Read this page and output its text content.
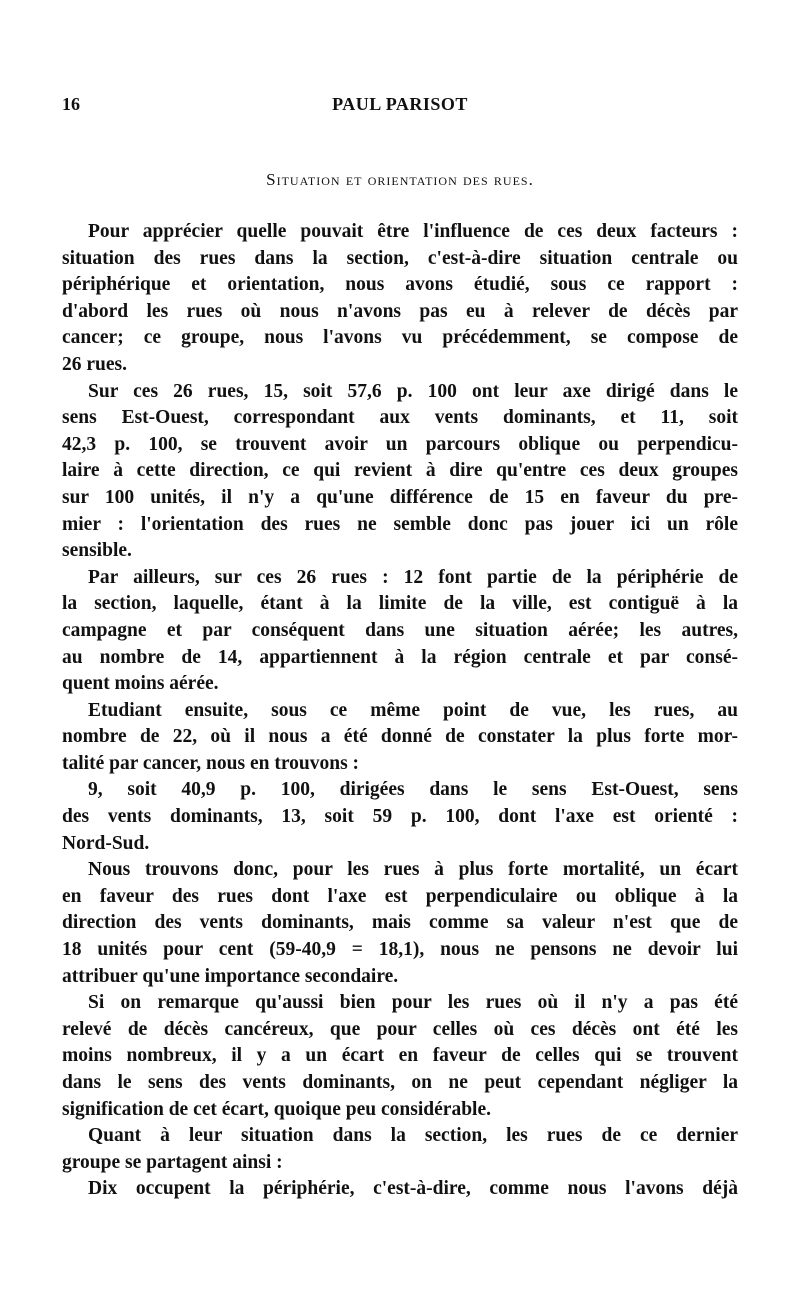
16	PAUL PARISOT
Situation et orientation des rues.
Pour apprécier quelle pouvait être l'influence de ces deux facteurs :
situation des rues dans la section, c'est-à-dire situation centrale ou
périphérique et orientation, nous avons étudié, sous ce rapport :
d'abord les rues où nous n'avons pas eu à relever de décès par
cancer; ce groupe, nous l'avons vu précédemment, se compose de
26 rues.
Sur ces 26 rues, 15, soit 57,6 p. 100 ont leur axe dirigé dans le
sens Est-Ouest, correspondant aux vents dominants, et 11, soit
42,3 p. 100, se trouvent avoir un parcours oblique ou perpendicu-
laire à cette direction, ce qui revient à dire qu'entre ces deux groupes
sur 100 unités, il n'y a qu'une différence de 15 en faveur du pre-
mier : l'orientation des rues ne semble donc pas jouer ici un rôle
sensible.
Par ailleurs, sur ces 26 rues : 12 font partie de la périphérie de
la section, laquelle, étant à la limite de la ville, est contiguë à la
campagne et par conséquent dans une situation aérée; les autres,
au nombre de 14, appartiennent à la région centrale et par consé-
quent moins aérée.
Etudiant ensuite, sous ce même point de vue, les rues, au
nombre de 22, où il nous a été donné de constater la plus forte mor-
talité par cancer, nous en trouvons :
9, soit 40,9 p. 100, dirigées dans le sens Est-Ouest, sens
des vents dominants, 13, soit 59 p. 100, dont l'axe est orienté :
Nord-Sud.
Nous trouvons donc, pour les rues à plus forte mortalité, un écart
en faveur des rues dont l'axe est perpendiculaire ou oblique à la
direction des vents dominants, mais comme sa valeur n'est que de
18 unités pour cent (59-40,9 = 18,1), nous ne pensons ne devoir lui
attribuer qu'une importance secondaire.
Si on remarque qu'aussi bien pour les rues où il n'y a pas été
relevé de décès cancéreux, que pour celles où ces décès ont été les
moins nombreux, il y a un écart en faveur de celles qui se trouvent
dans le sens des vents dominants, on ne peut cependant négliger la
signification de cet écart, quoique peu considérable.
Quant à leur situation dans la section, les rues de ce dernier
groupe se partagent ainsi :
Dix occupent la périphérie, c'est-à-dire, comme nous l'avons déjà
